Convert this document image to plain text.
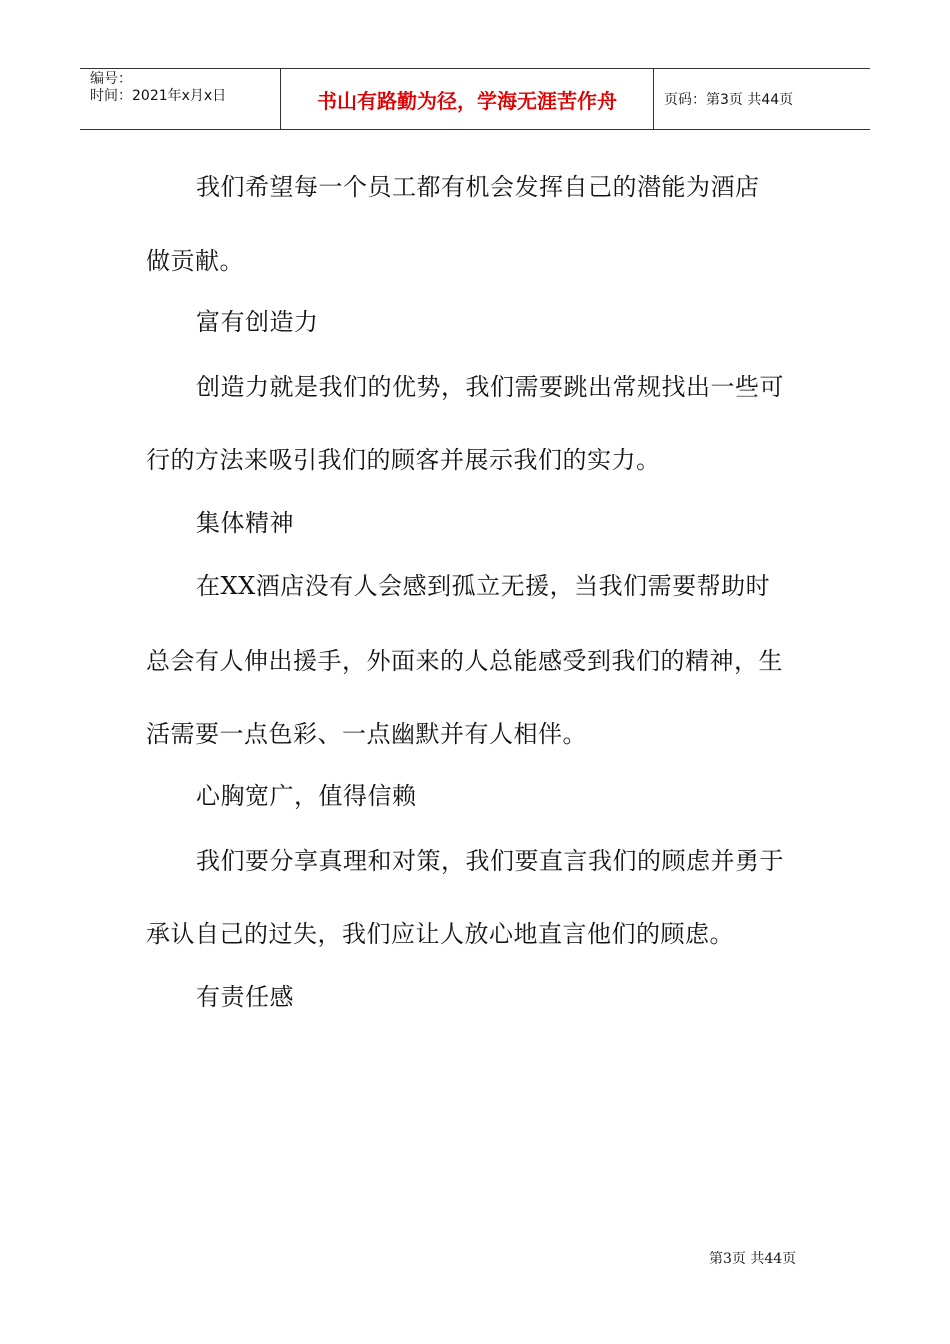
编号：
时间：2021年x月x日	书山有路勤为径，学海无涯苦作舟	页码：第3页 共44页
我们希望每一个员工都有机会发挥自己的潜能为酒店
做贡献。
富有创造力
创造力就是我们的优势，我们需要跳出常规找出一些可
行的方法来吸引我们的顾客并展示我们的实力。
集体精神
在XX酒店没有人会感到孤立无援，当我们需要帮助时
总会有人伸出援手，外面来的人总能感受到我们的精神，生
活需要一点色彩、一点幽默并有人相伴。
心胸宽广，值得信赖
我们要分享真理和对策，我们要直言我们的顾虑并勇于
承认自己的过失，我们应让人放心地直言他们的顾虑。
有责任感
第3页 共44页
